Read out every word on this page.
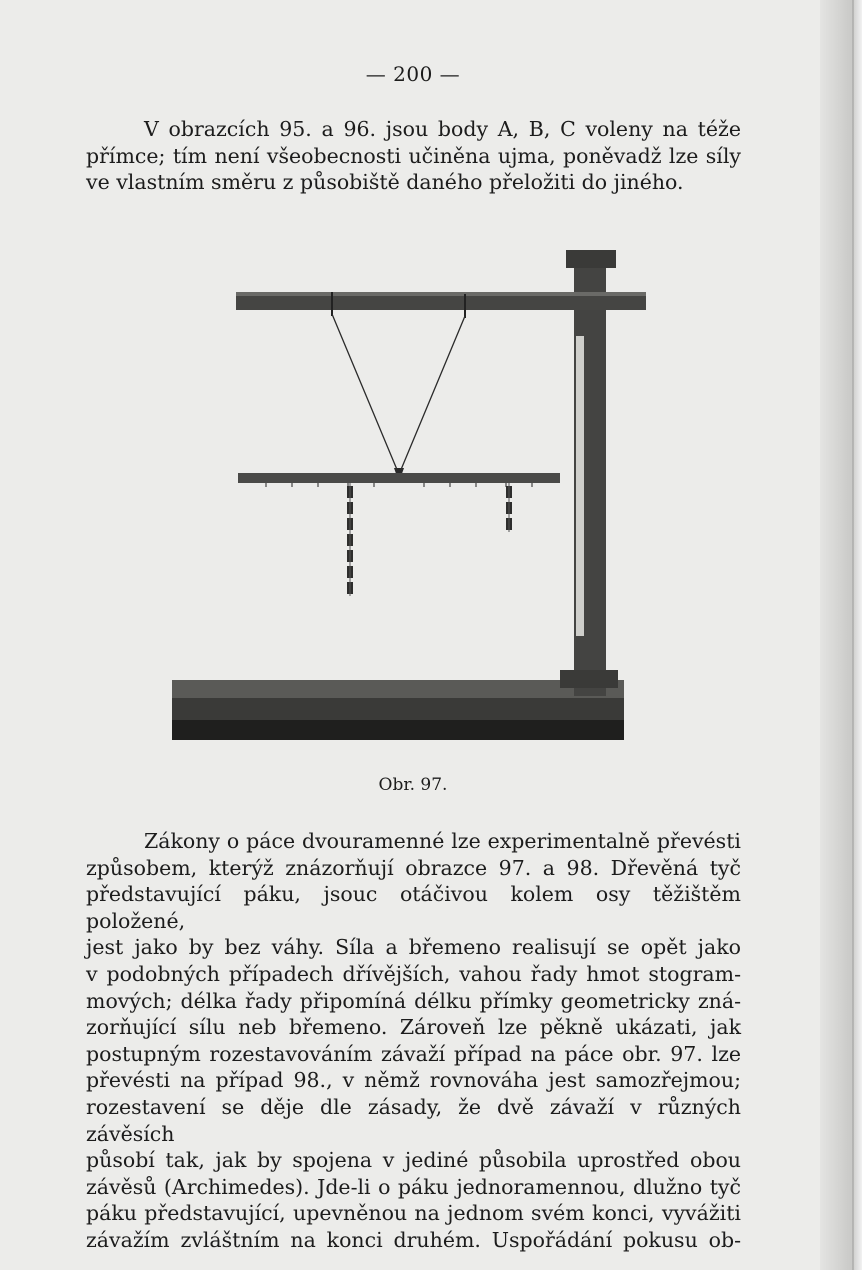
— 200 —
V obrazcích 95. a 96. jsou body A, B, C voleny na téže
přímce; tím není všeobecnosti učiněna ujma, poněvadž lze síly
ve vlastním směru z působiště daného přeložiti do jiného.
Obr. 97.
Zákony o páce dvouramenné lze experimentalně převésti
způsobem, kterýž znázorňují obrazce 97. a 98. Dřevěná tyč
představující páku, jsouc otáčivou kolem osy těžištěm položené,
jest jako by bez váhy. Síla a břemeno realisují se opět jako
v podobných případech dřívějších, vahou řady hmot stogram-
mových; délka řady připomíná délku přímky geometricky zná-
zorňující sílu neb břemeno. Zároveň lze pěkně ukázati, jak
postupným rozestavováním závaží případ na páce obr. 97. lze
převésti na případ 98., v němž rovnováha jest samozřejmou;
rozestavení se děje dle zásady, že dvě závaží v různých závěsích
působí tak, jak by spojena v jediné působila uprostřed obou
závěsů (Archimedes). Jde-li o páku jednoramennou, dlužno tyč
páku představující, upevněnou na jednom svém konci, vyvážiti
závažím zvláštním na konci druhém. Uspořádání pokusu ob-
